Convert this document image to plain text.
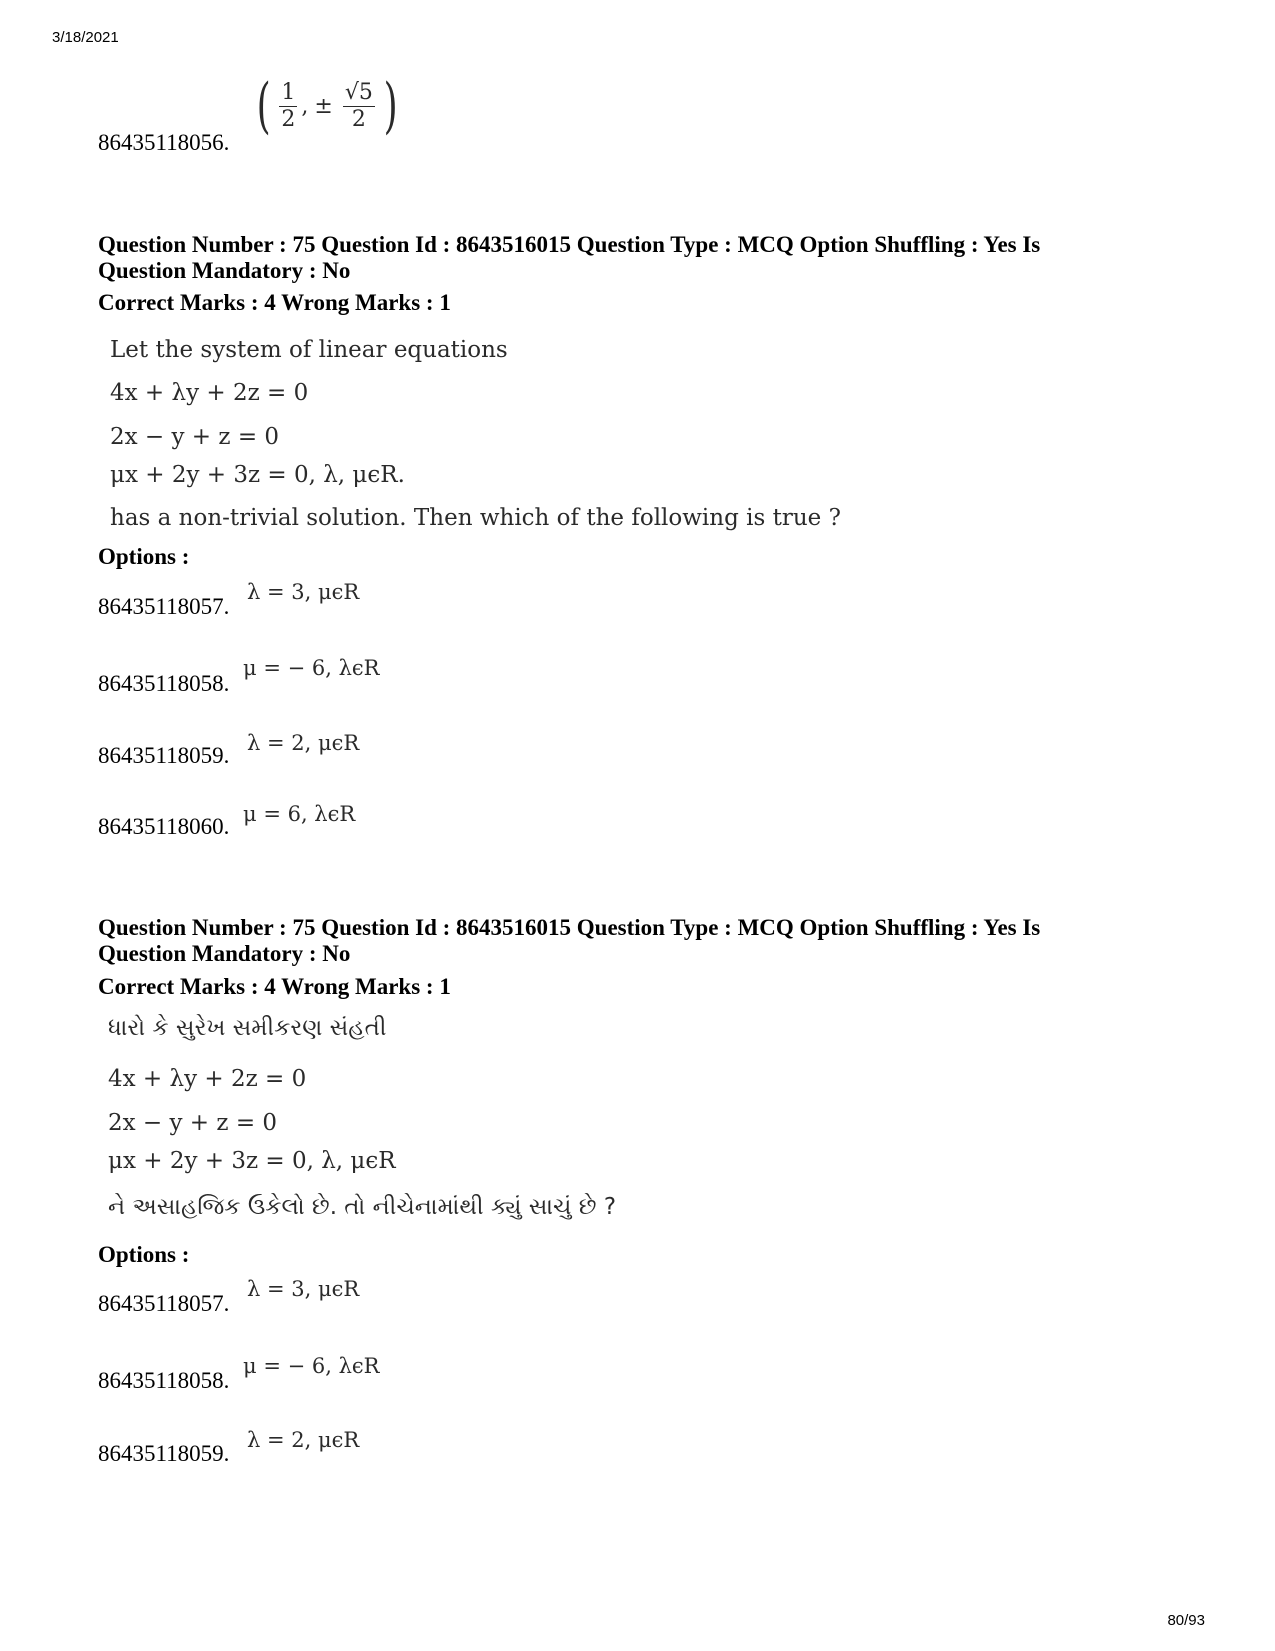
3/18/2021
80/93
86435118056.
( $\frac{1}{2}$ , ± $\frac{√5}{2}$ )
Question Number : 75 Question Id : 8643516015 Question Type : MCQ Option Shuffling : Yes Is
Question Mandatory : No
Correct Marks : 4 Wrong Marks : 1
Let the system of linear equations
4x + λy + 2z = 0
2x − y + z = 0
μx + 2y + 3z = 0, λ, μϵR.
has a non-trivial solution. Then which of the following is true ?
Options :
86435118057.
λ = 3, μϵR
86435118058.
μ = − 6, λϵR
86435118059. λ = 2, μϵR
86435118060. μ = 6, λϵR
Question Number : 75 Question Id : 8643516015 Question Type : MCQ Option Shuffling : Yes Is
Question Mandatory : No
Correct Marks : 4 Wrong Marks : 1
ધારો કે સુરેખ સમીકરણ સંહતી
4x + λy + 2z = 0
2x − y + z = 0
μx + 2y + 3z = 0, λ, μϵR
ને અસાહજિક ઉકેલો છે. તો નીચેનામાંથી ક્યું સાચું છે ?
Options :
86435118057.
λ = 3, μϵR
86435118058.
μ = − 6, λϵR
86435118059.
λ = 2, μϵR
